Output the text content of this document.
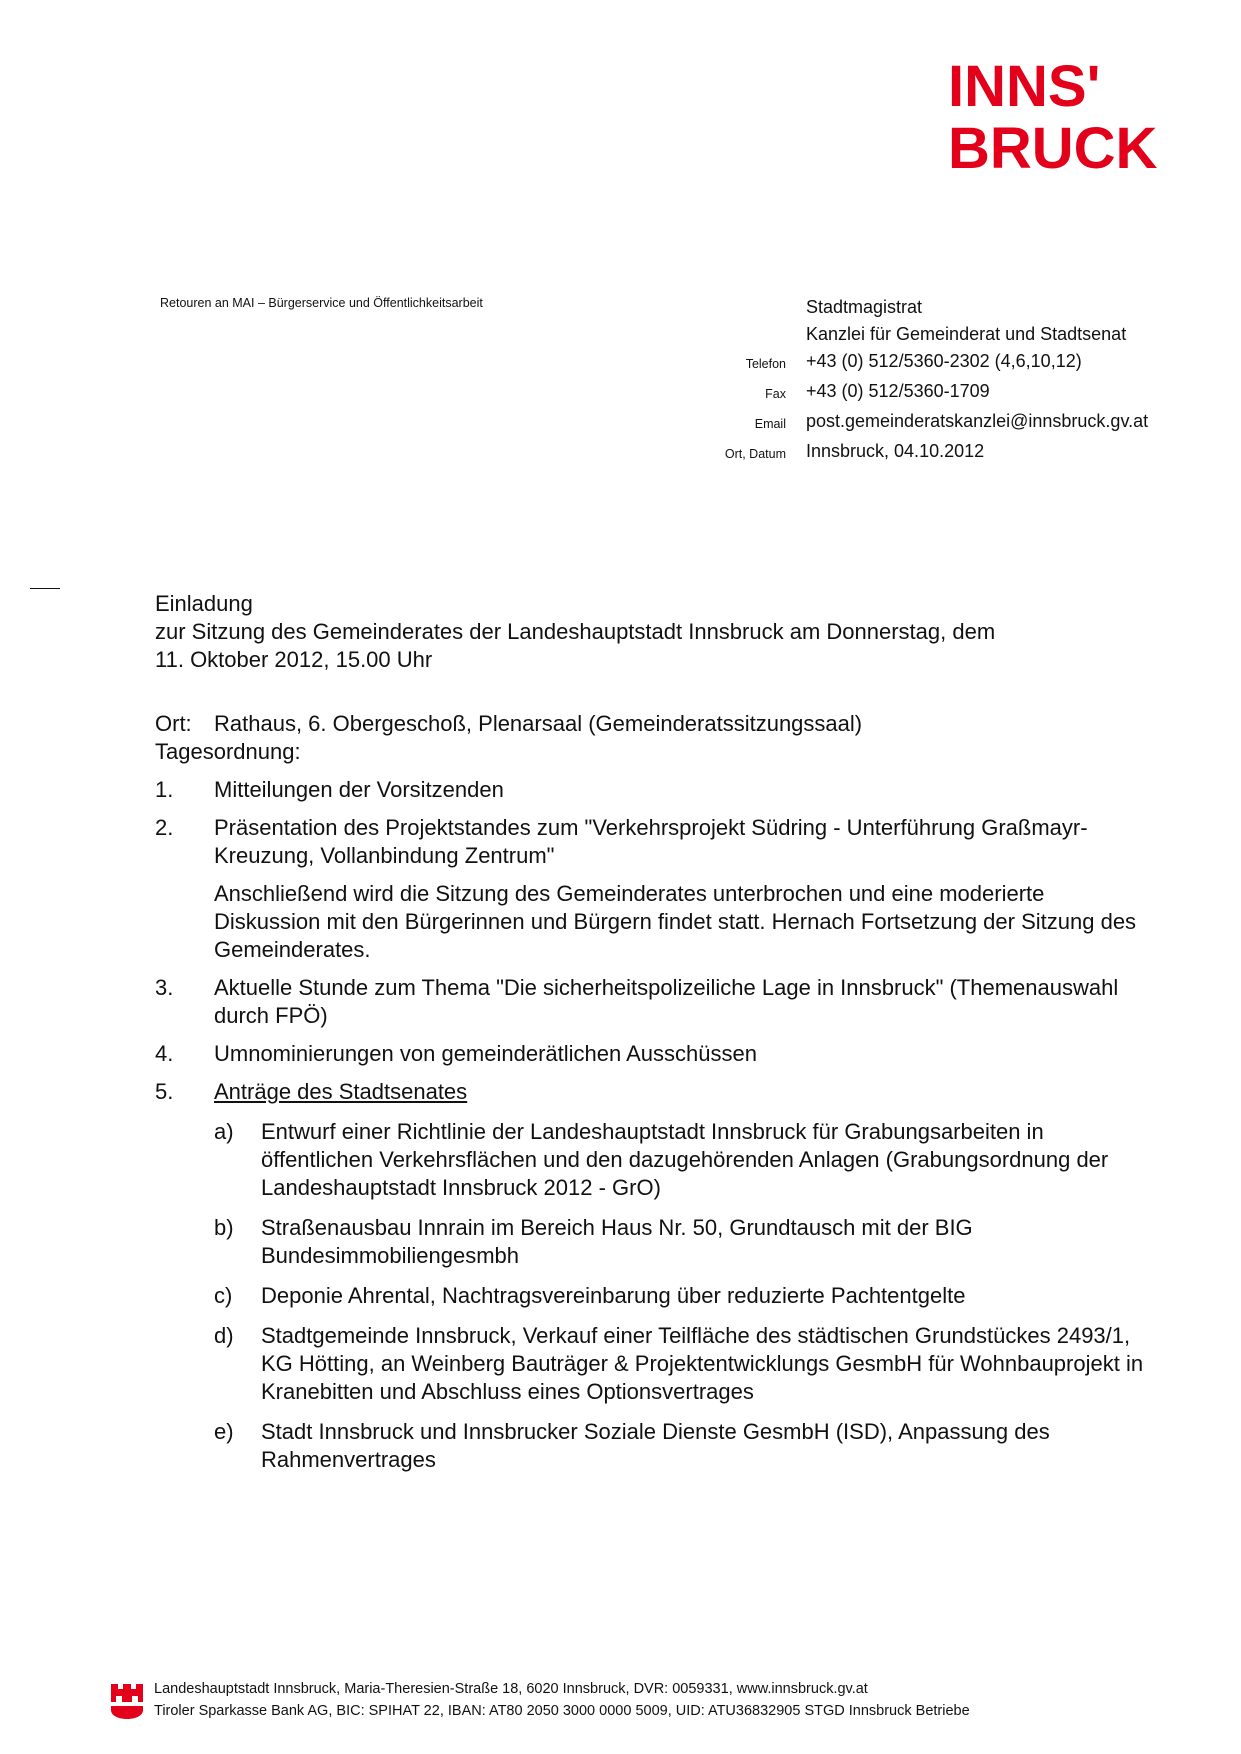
INNS'
BRUCK
Retouren an MAI – Bürgerservice und Öffentlichkeitsarbeit	Stadtmagistrat
Kanzlei für Gemeinderat und Stadtsenat
Telefon	+43 (0) 512/5360-2302 (4,6,10,12)
Fax	+43 (0) 512/5360-1709
Email	post.gemeinderatskanzlei@innsbruck.gv.at
Ort, Datum	Innsbruck, 04.10.2012

Einladung

zur Sitzung des Gemeinderates der Landeshauptstadt Innsbruck am Donnerstag, dem

11. Oktober 2012, 15.00 Uhr

Ort:	Rathaus, 6. Obergeschoß, Plenarsaal (Gemeinderatssitzungssaal)

Tagesordnung:

1.	Mitteilungen der Vorsitzenden
2.	Präsentation des Projektstandes zum "Verkehrsprojekt Südring - Unterführung Graßmayr-Kreuzung, Vollanbindung Zentrum"
Anschließend wird die Sitzung des Gemeinderates unterbrochen und eine moderierte Diskussion mit den Bürgerinnen und Bürgern findet statt. Hernach Fortsetzung der Sitzung des Gemeinderates.
3.	Aktuelle Stunde zum Thema "Die sicherheitspolizeiliche Lage in Innsbruck" (Themenauswahl durch FPÖ)
4.	Umnominierungen von gemeinderätlichen Ausschüssen
5.	Anträge des Stadtsenates
a)	Entwurf einer Richtlinie der Landeshauptstadt Innsbruck für Grabungsarbeiten in öffentlichen Verkehrsflächen und den dazugehörenden Anlagen (Grabungsordnung der Landeshauptstadt Innsbruck 2012 - GrO)
b)	Straßenausbau Innrain im Bereich Haus Nr. 50, Grundtausch mit der BIG Bundesimmobiliengesmbh
c)	Deponie Ahrental, Nachtragsvereinbarung über reduzierte Pachtentgelte
d)	Stadtgemeinde Innsbruck, Verkauf einer Teilfläche des städtischen Grundstückes 2493/1, KG Hötting, an Weinberg Bauträger & Projektentwicklungs GesmbH für Wohnbauprojekt in Kranebitten und Abschluss eines Optionsvertrages
e)	Stadt Innsbruck und Innsbrucker Soziale Dienste GesmbH (ISD), Anpassung des Rahmenvertrages
Landeshauptstadt Innsbruck, Maria-Theresien-Straße 18, 6020 Innsbruck, DVR: 0059331, www.innsbruck.gv.at
Tiroler Sparkasse Bank AG, BIC: SPIHAT 22, IBAN: AT80 2050 3000 0000 5009, UID: ATU36832905 STGD Innsbruck Betriebe
